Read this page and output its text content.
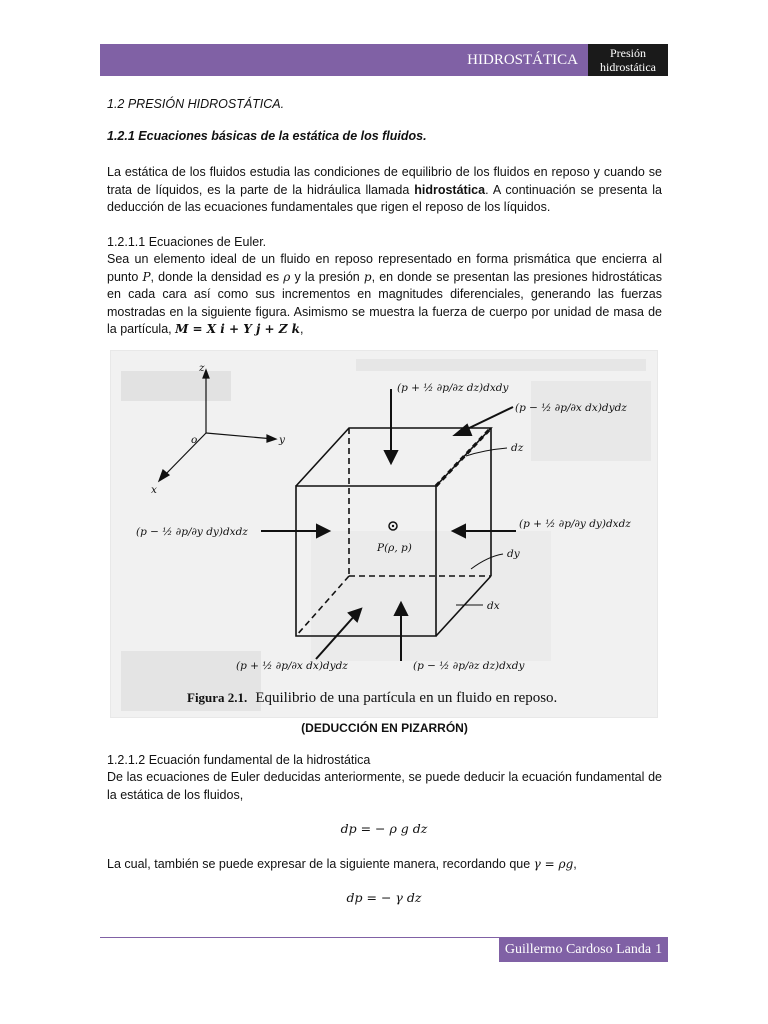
HIDROSTÁTICA	Presión
hidrostática
1.2 PRESIÓN HIDROSTÁTICA.
1.2.1 Ecuaciones básicas de la estática de los fluidos.
La estática de los fluidos estudia las condiciones de equilibrio de los fluidos en reposo y cuando se trata de líquidos, es la parte de la hidráulica llamada hidrostática. A continuación se presenta la deducción de las ecuaciones fundamentales que rigen el reposo de los líquidos.
1.2.1.1 Ecuaciones de Euler.
Sea un elemento ideal de un fluido en reposo representado en forma prismática que encierra al punto P, donde la densidad es ρ y la presión p, en donde se presentan las presiones hidrostáticas en cada cara así como sus incrementos en magnitudes diferenciales, generando las fuerzas mostradas en la siguiente figura. Asimismo se muestra la fuerza de cuerpo por unidad de masa de la partícula, M = X i + Y j + Z k,
z
y
x
o
(p + ½ ∂p/∂z dz)dxdy
(p − ½ ∂p/∂x dx)dydz
(p − ½ ∂p/∂y dy)dxdz
(p + ½ ∂p/∂y dy)dxdz
(p + ½ ∂p/∂x dx)dydz	(p − ½ ∂p/∂z dz)dxdy
P(ρ, p)
dz
dy
dx
Figura 2.1. Equilibrio de una partícula en un fluido en reposo.
(DEDUCCIÓN EN PIZARRÓN)
1.2.1.2 Ecuación fundamental de la hidrostática
De las ecuaciones de Euler deducidas anteriormente, se puede deducir la ecuación fundamental de la estática de los fluidos,
dp = − ρ g dz
La cual, también se puede expresar de la siguiente manera, recordando que γ = ρg,
dp = − γ dz
Guillermo Cardoso Landa 1
